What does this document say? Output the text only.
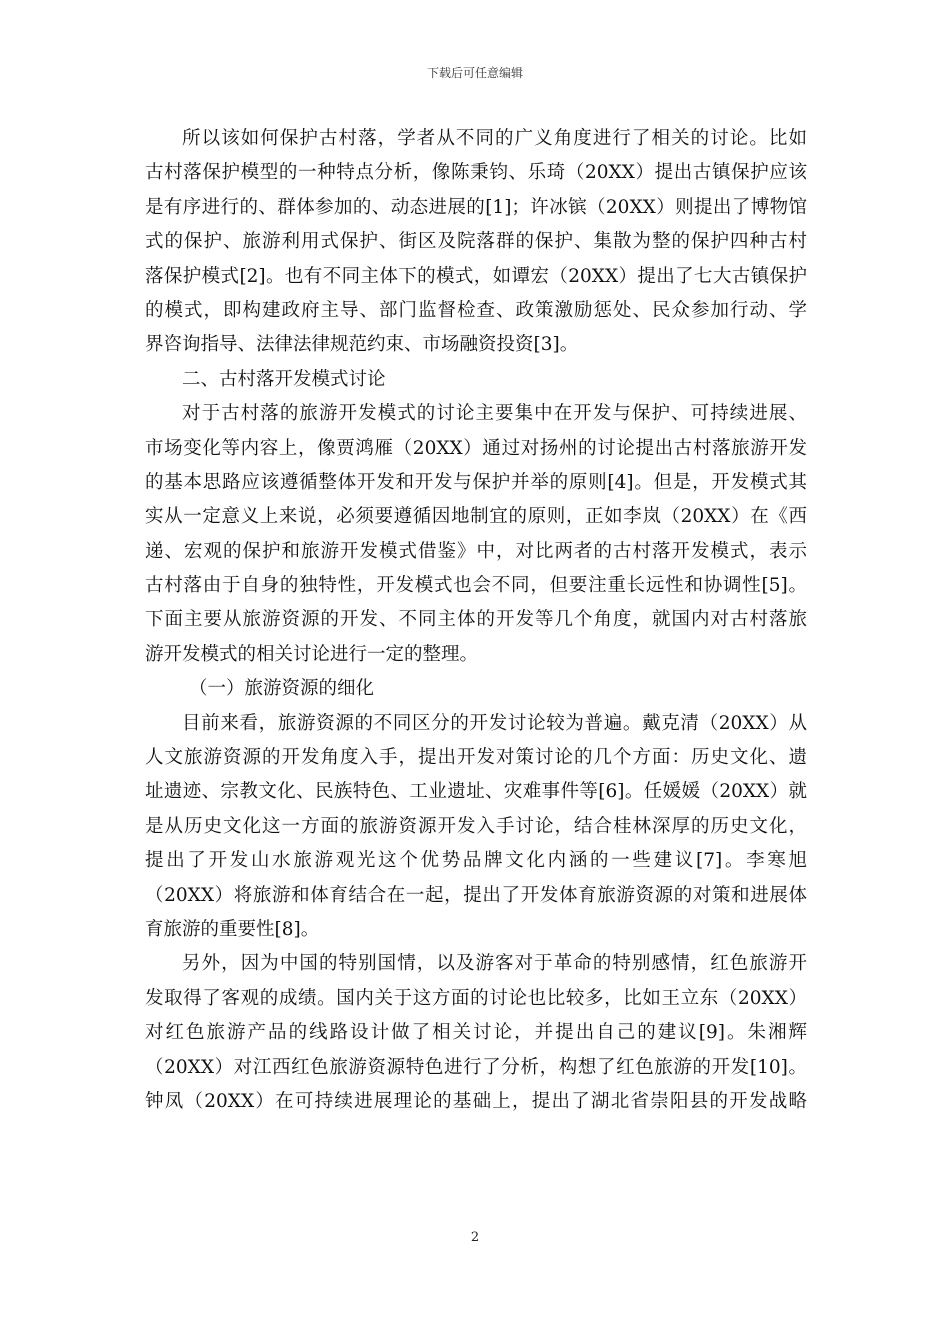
下载后可任意编辑
所以该如何保护古村落，学者从不同的广义角度进行了相关的讨论。比如
古村落保护模型的一种特点分析，像陈秉钧、乐琦（20XX）提出古镇保护应该
是有序进行的、群体参加的、动态进展的[1]；许冰镔（20XX）则提出了博物馆
式的保护、旅游利用式保护、街区及院落群的保护、集散为整的保护四种古村
落保护模式[2]。也有不同主体下的模式，如谭宏（20XX）提出了七大古镇保护
的模式，即构建政府主导、部门监督检查、政策激励惩处、民众参加行动、学
界咨询指导、法律法律规范约束、市场融资投资[3]。
二、古村落开发模式讨论
对于古村落的旅游开发模式的讨论主要集中在开发与保护、可持续进展、
市场变化等内容上，像贾鸿雁（20XX）通过对扬州的讨论提出古村落旅游开发
的基本思路应该遵循整体开发和开发与保护并举的原则[4]。但是，开发模式其
实从一定意义上来说，必须要遵循因地制宜的原则，正如李岚（20XX）在《西
递、宏观的保护和旅游开发模式借鉴》中，对比两者的古村落开发模式，表示
古村落由于自身的独特性，开发模式也会不同，但要注重长远性和协调性[5]。
下面主要从旅游资源的开发、不同主体的开发等几个角度，就国内对古村落旅
游开发模式的相关讨论进行一定的整理。
（一）旅游资源的细化
目前来看，旅游资源的不同区分的开发讨论较为普遍。戴克清（20XX）从
人文旅游资源的开发角度入手，提出开发对策讨论的几个方面：历史文化、遗
址遗迹、宗教文化、民族特色、工业遗址、灾难事件等[6]。任媛媛（20XX）就
是从历史文化这一方面的旅游资源开发入手讨论，结合桂林深厚的历史文化，
提出了开发山水旅游观光这个优势品牌文化内涵的一些建议[7]。李寒旭
（20XX）将旅游和体育结合在一起，提出了开发体育旅游资源的对策和进展体
育旅游的重要性[8]。
另外，因为中国的特别国情，以及游客对于革命的特别感情，红色旅游开
发取得了客观的成绩。国内关于这方面的讨论也比较多，比如王立东（20XX）
对红色旅游产品的线路设计做了相关讨论，并提出自己的建议[9]。朱湘辉
（20XX）对江西红色旅游资源特色进行了分析，构想了红色旅游的开发[10]。
钟凤（20XX）在可持续进展理论的基础上，提出了湖北省崇阳县的开发战略
2
